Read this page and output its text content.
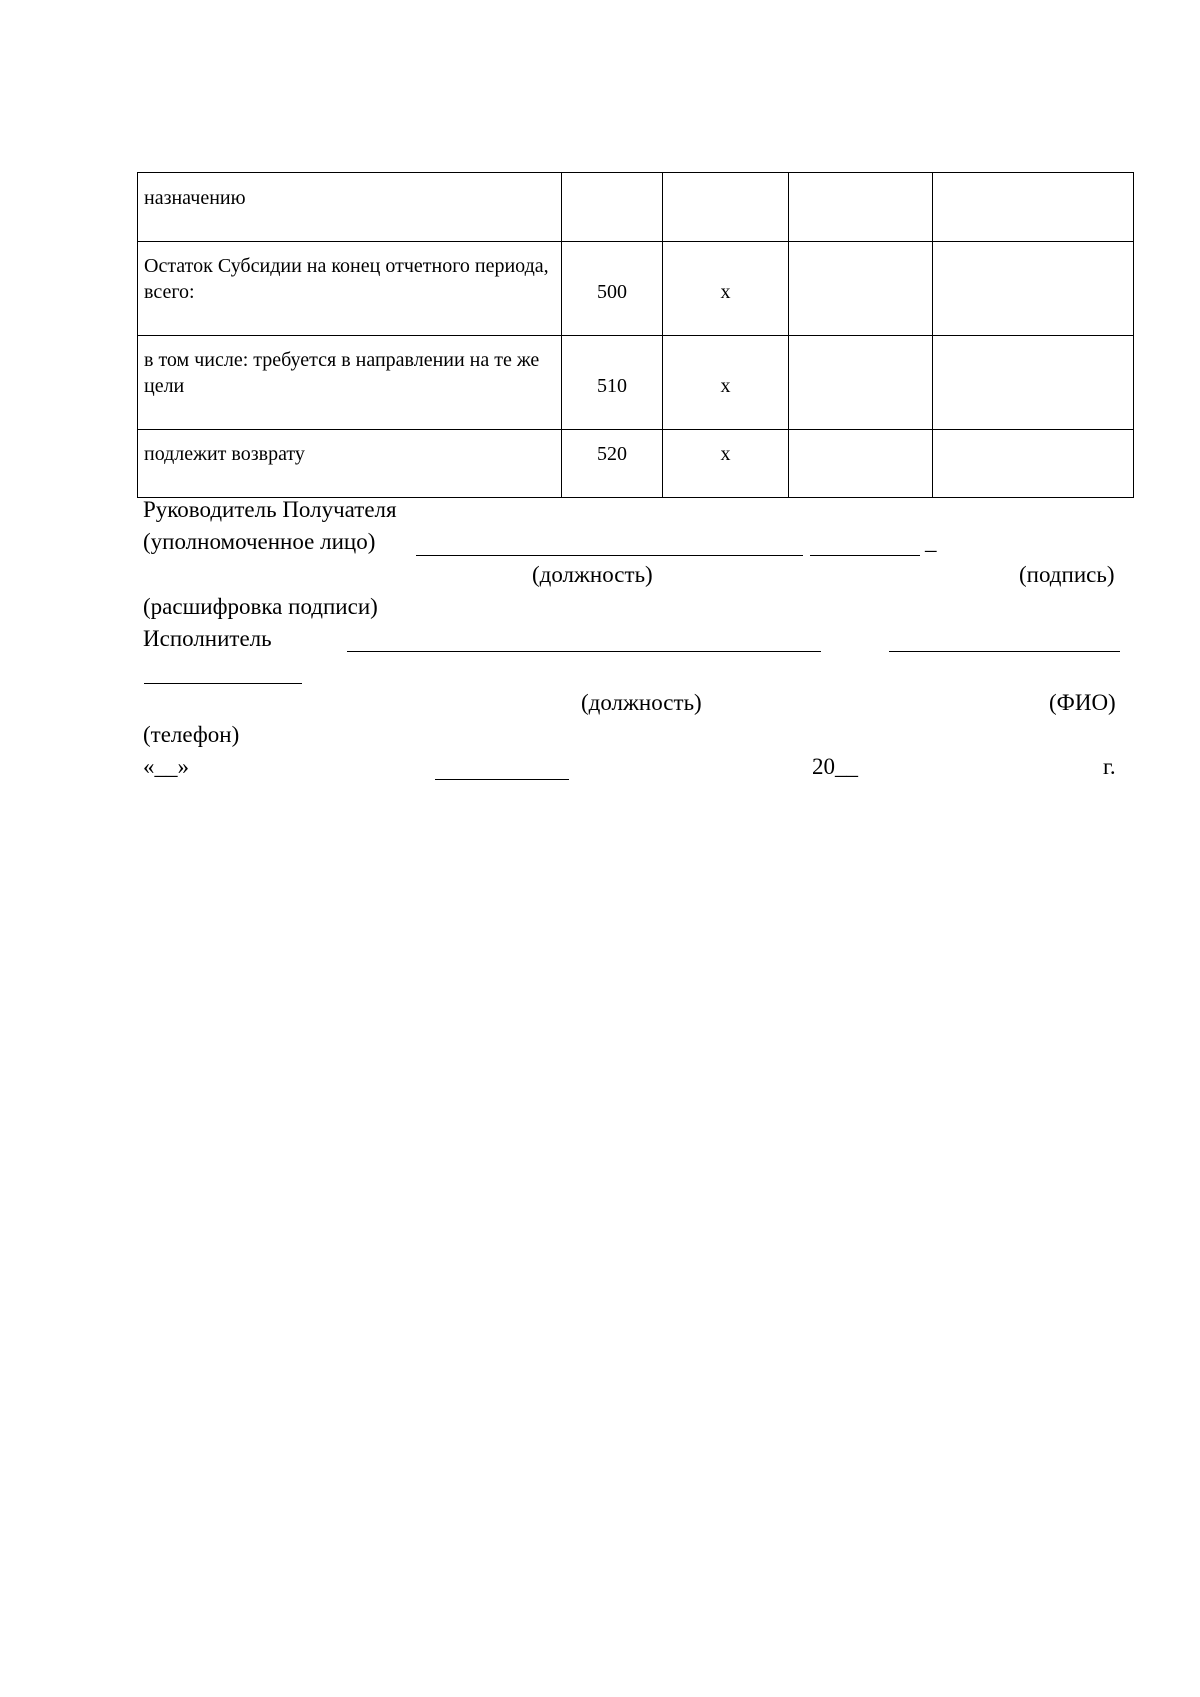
назначению				
Остаток Субсидии на конец отчетного периода, всего:	500	x		
в том числе: требуется в направлении на те же цели	510	x		
подлежит возврату	520	x		
Руководитель Получателя
(уполномоченное лицо)	_
(должность)	(подпись)
(расшифровка подписи)
Исполнитель
(должность)	(ФИО)
(телефон)
«__»	20__	г.
